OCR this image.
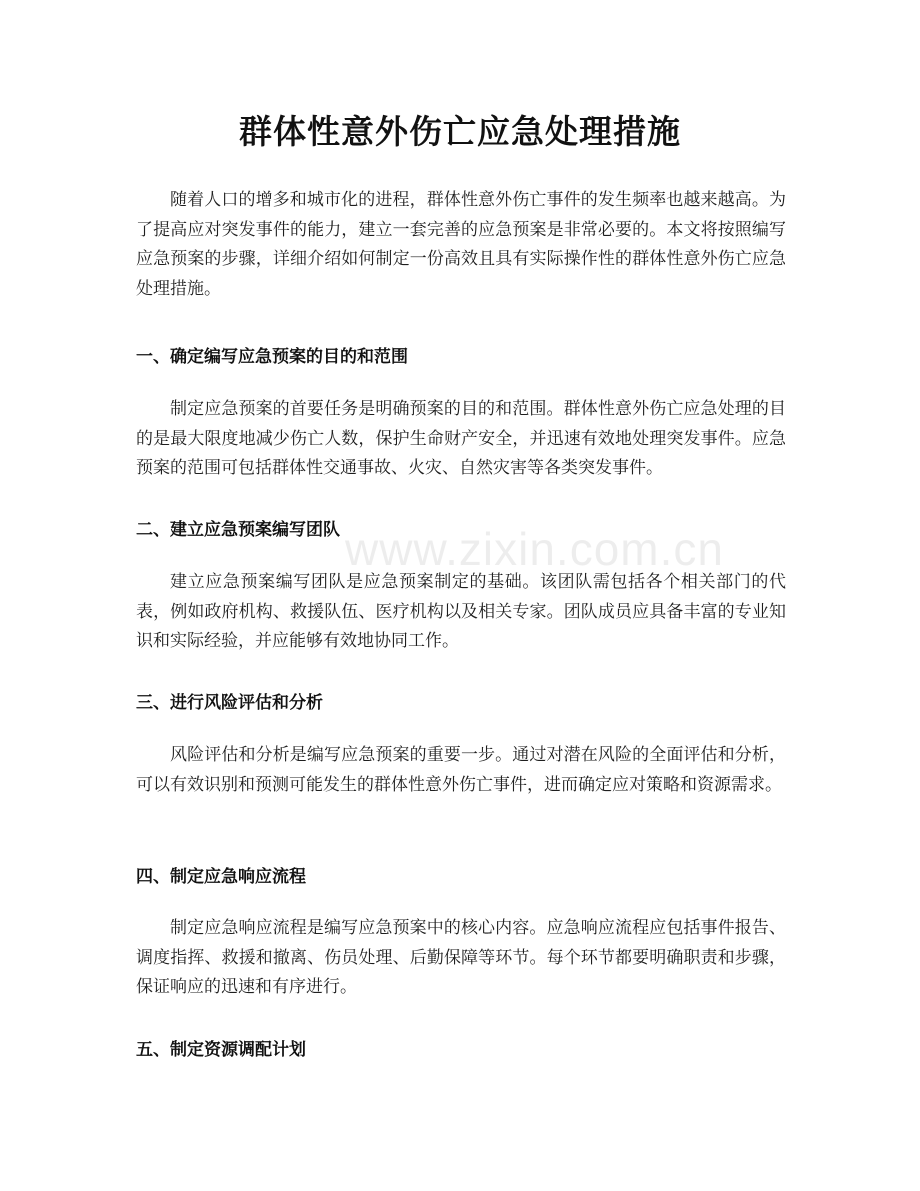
www.zixin.com.cn
群体性意外伤亡应急处理措施

随着人口的增多和城市化的进程，群体性意外伤亡事件的发生频率也越来越高。为了提高应对突发事件的能力，建立一套完善的应急预案是非常必要的。本文将按照编写应急预案的步骤，详细介绍如何制定一份高效且具有实际操作性的群体性意外伤亡应急处理措施。

一、确定编写应急预案的目的和范围

制定应急预案的首要任务是明确预案的目的和范围。群体性意外伤亡应急处理的目的是最大限度地减少伤亡人数，保护生命财产安全，并迅速有效地处理突发事件。应急预案的范围可包括群体性交通事故、火灾、自然灾害等各类突发事件。

二、建立应急预案编写团队

建立应急预案编写团队是应急预案制定的基础。该团队需包括各个相关部门的代表，例如政府机构、救援队伍、医疗机构以及相关专家。团队成员应具备丰富的专业知识和实际经验，并应能够有效地协同工作。

三、进行风险评估和分析

风险评估和分析是编写应急预案的重要一步。通过对潜在风险的全面评估和分析，可以有效识别和预测可能发生的群体性意外伤亡事件，进而确定应对策略和资源需求。

四、制定应急响应流程

制定应急响应流程是编写应急预案中的核心内容。应急响应流程应包括事件报告、调度指挥、救援和撤离、伤员处理、后勤保障等环节。每个环节都要明确职责和步骤，保证响应的迅速和有序进行。

五、制定资源调配计划
